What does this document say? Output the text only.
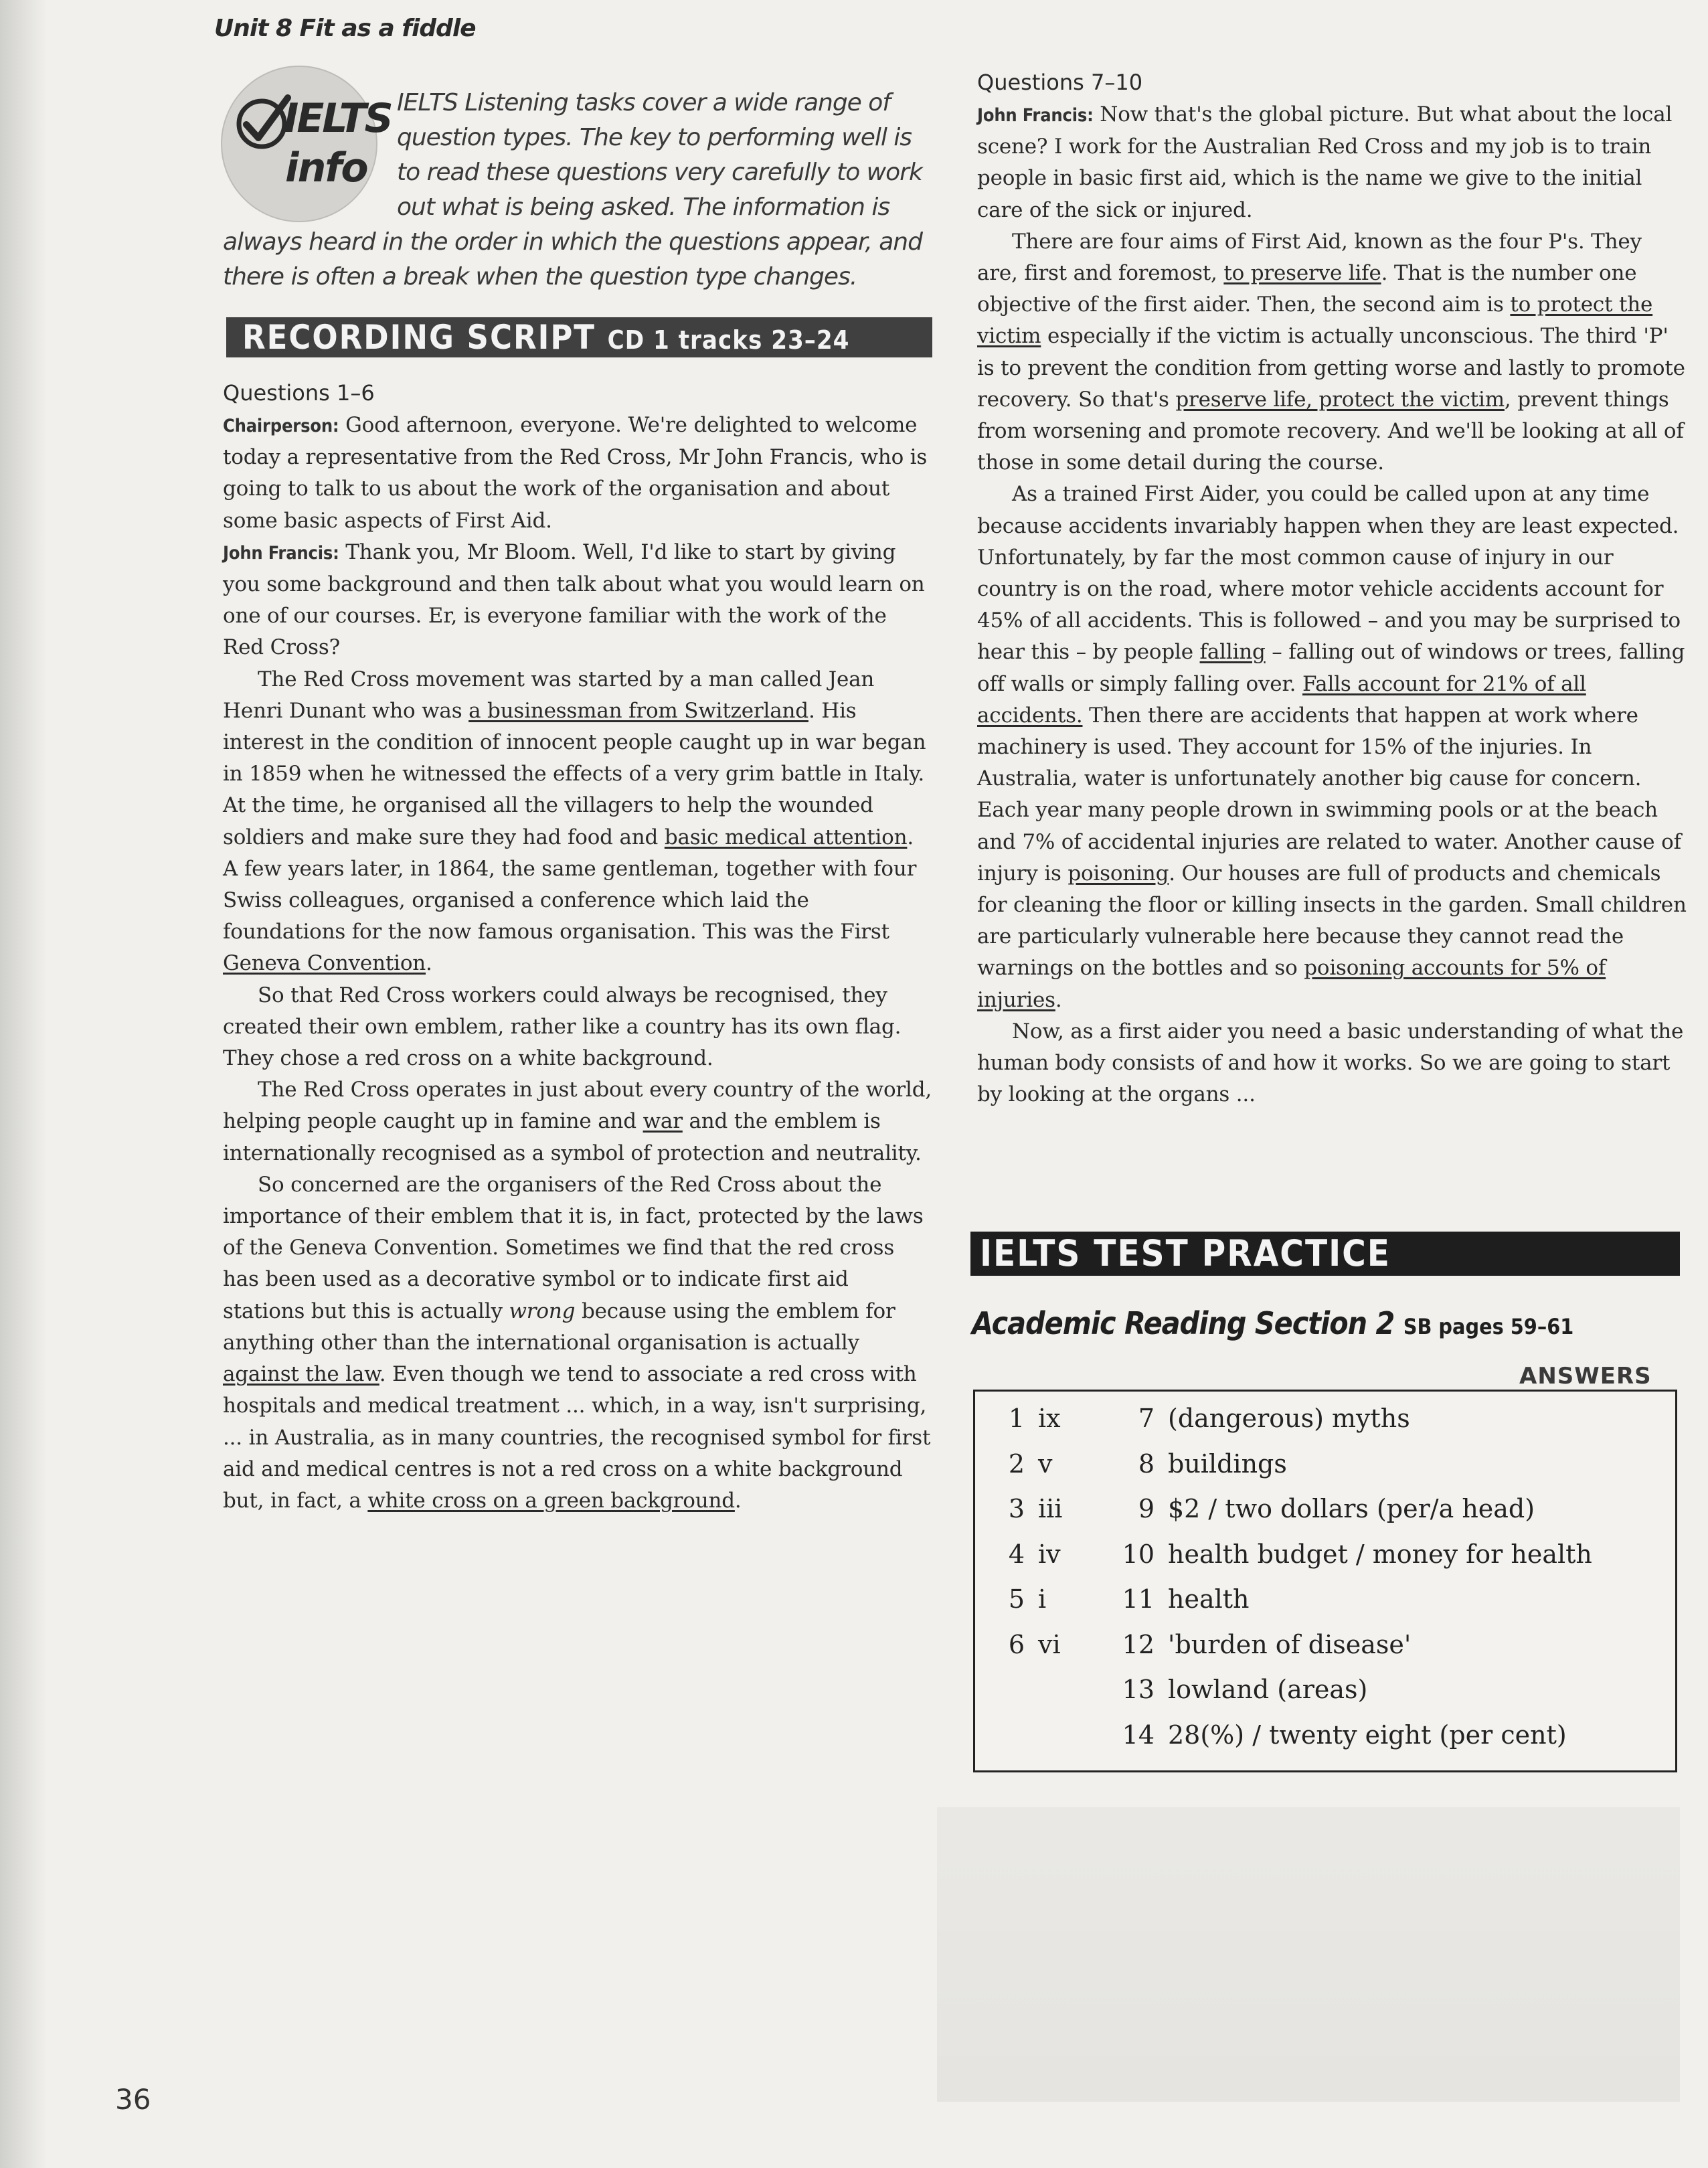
Unit 8 Fit as a fiddle
IELTS
info
IELTS Listening tasks cover a wide range of question types. The key to performing well is to read these questions very carefully to work out what is being asked. The information is always heard in the order in which the questions appear, and there is often a break when the question type changes.
RECORDING SCRIPT CD 1 tracks 23–24
Questions 1–6

Chairperson: Good afternoon, everyone. We're delighted to welcome today a representative from the Red Cross, Mr John Francis, who is going to talk to us about the work of the organisation and about some basic aspects of First Aid.

John Francis: Thank you, Mr Bloom. Well, I'd like to start by giving you some background and then talk about what you would learn on one of our courses. Er, is everyone familiar with the work of the Red Cross?

The Red Cross movement was started by a man called Jean Henri Dunant who was a businessman from Switzerland. His interest in the condition of innocent people caught up in war began in 1859 when he witnessed the effects of a very grim battle in Italy. At the time, he organised all the villagers to help the wounded soldiers and make sure they had food and basic medical attention. A few years later, in 1864, the same gentleman, together with four Swiss colleagues, organised a conference which laid the foundations for the now famous organisation. This was the First Geneva Convention.

So that Red Cross workers could always be recognised, they created their own emblem, rather like a country has its own flag. They chose a red cross on a white background.

The Red Cross operates in just about every country of the world, helping people caught up in famine and war and the emblem is internationally recognised as a symbol of protection and neutrality.

So concerned are the organisers of the Red Cross about the importance of their emblem that it is, in fact, protected by the laws of the Geneva Convention. Sometimes we find that the red cross has been used as a decorative symbol or to indicate first aid stations but this is actually wrong because using the emblem for anything other than the international organisation is actually against the law. Even though we tend to associate a red cross with hospitals and medical treatment ... which, in a way, isn't surprising, ... in Australia, as in many countries, the recognised symbol for first aid and medical centres is not a red cross on a white background but, in fact, a white cross on a green background.

Questions 7–10

John Francis: Now that's the global picture. But what about the local scene? I work for the Australian Red Cross and my job is to train people in basic first aid, which is the name we give to the initial care of the sick or injured.

There are four aims of First Aid, known as the four P's. They are, first and foremost, to preserve life. That is the number one objective of the first aider. Then, the second aim is to protect the victim especially if the victim is actually unconscious. The third 'P' is to prevent the condition from getting worse and lastly to promote recovery. So that's preserve life, protect the victim, prevent things from worsening and promote recovery. And we'll be looking at all of those in some detail during the course.

As a trained First Aider, you could be called upon at any time because accidents invariably happen when they are least expected. Unfortunately, by far the most common cause of injury in our country is on the road, where motor vehicle accidents account for 45% of all accidents. This is followed – and you may be surprised to hear this – by people falling – falling out of windows or trees, falling off walls or simply falling over. Falls account for 21% of all accidents. Then there are accidents that happen at work where machinery is used. They account for 15% of the injuries. In Australia, water is unfortunately another big cause for concern. Each year many people drown in swimming pools or at the beach and 7% of accidental injuries are related to water. Another cause of injury is poisoning. Our houses are full of products and chemicals for cleaning the floor or killing insects in the garden. Small children are particularly vulnerable here because they cannot read the warnings on the bottles and so poisoning accounts for 5% of injuries.

Now, as a first aider you need a basic understanding of what the human body consists of and how it works. So we are going to start by looking at the organs ...

IELTS TEST PRACTICE
Academic Reading Section 2 SB pages 59–61
ANSWERS
1 ix
2 v
3 iii
4 iv
5 i
6 vi
7 (dangerous) myths
8 buildings
9 $2 / two dollars (per/a head)
10 health budget / money for health
11 health
12 'burden of disease'
13 lowland (areas)
14 28(%) / twenty eight (per cent)
36
